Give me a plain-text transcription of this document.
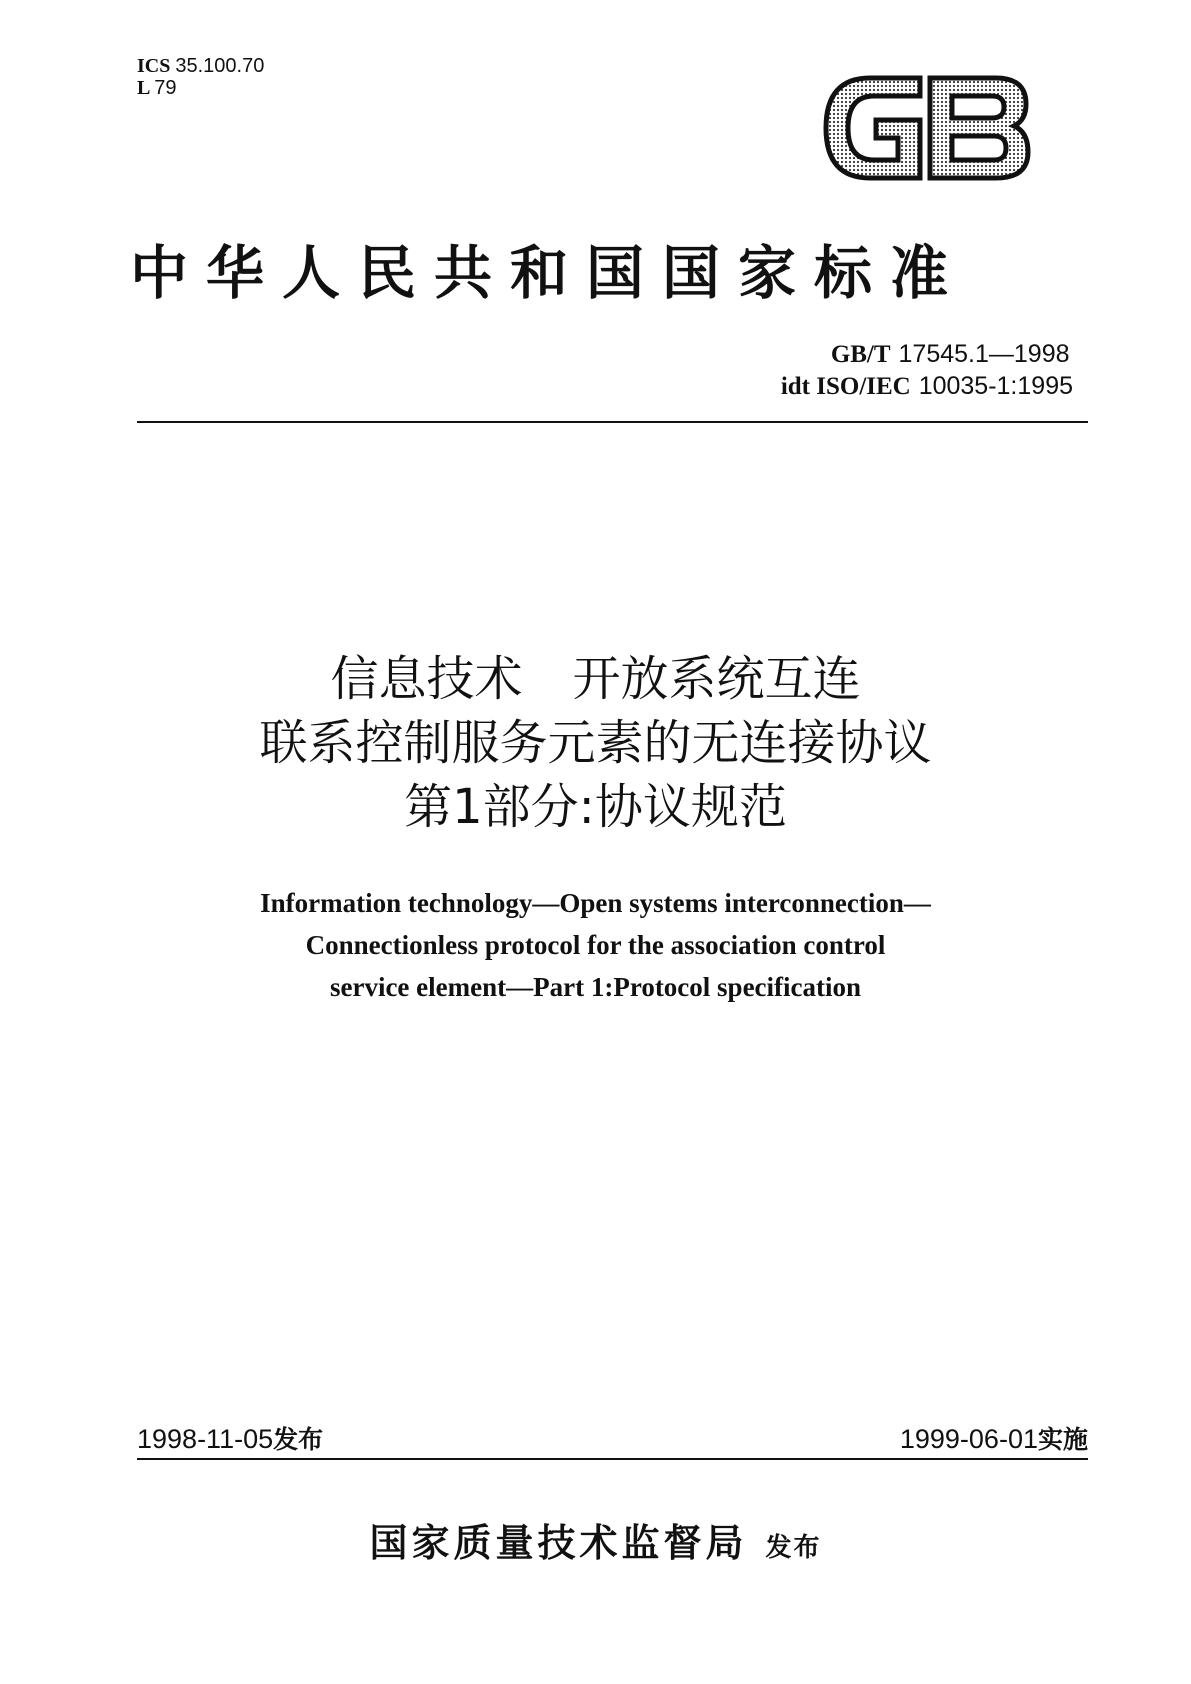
ICS 35.100.70
L 79
中华人民共和国国家标准
GB/T 17545.1—1998
idt ISO/IEC 10035-1:1995
信息技术 开放系统互连
联系控制服务元素的无连接协议
第1部分:协议规范
Information technology—Open systems interconnection—
Connectionless protocol for the association control
service element—Part 1:Protocol specification
1998-11-05发布	1999-06-01实施
国家质量技术监督局 发布
